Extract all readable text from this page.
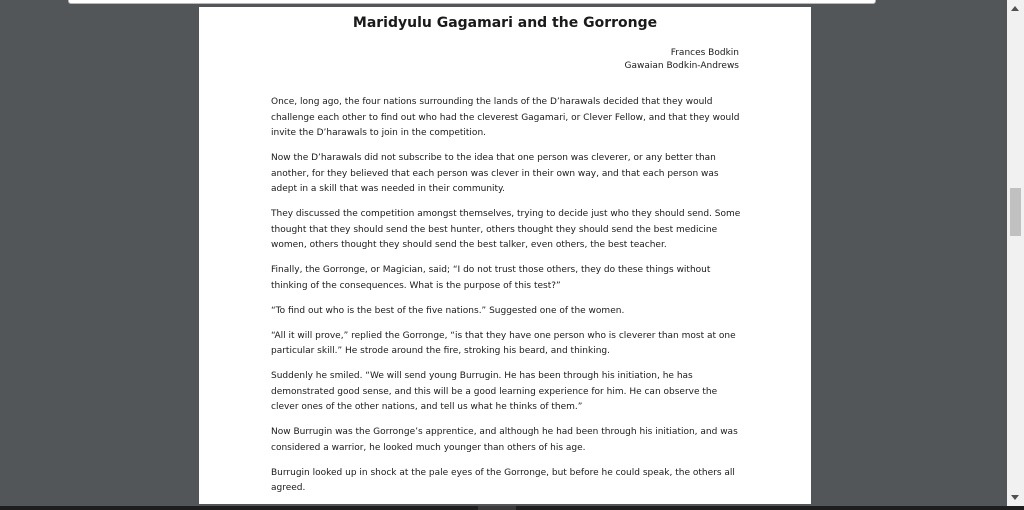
Maridyulu Gagamari and the Gorronge
Frances Bodkin
Gawaian Bodkin-Andrews

Once, long ago, the four nations surrounding the lands of the D’harawals decided that they would challenge each other to find out who had the cleverest Gagamari, or Clever Fellow, and that they would invite the D’harawals to join in the competition.

Now the D’harawals did not subscribe to the idea that one person was cleverer, or any better than another, for they believed that each person was clever in their own way, and that each person was adept in a skill that was needed in their community.

They discussed the competition amongst themselves, trying to decide just who they should send. Some thought that they should send the best hunter, others thought they should send the best medicine women, others thought they should send the best talker, even others, the best teacher.

Finally, the Gorronge, or Magician, said; “I do not trust those others, they do these things without thinking of the consequences. What is the purpose of this test?”

“To find out who is the best of the five nations.” Suggested one of the women.

“All it will prove,” replied the Gorronge, “is that they have one person who is cleverer than most at one particular skill.” He strode around the fire, stroking his beard, and thinking.

Suddenly he smiled. “We will send young Burrugin. He has been through his initiation, he has demonstrated good sense, and this will be a good learning experience for him. He can observe the clever ones of the other nations, and tell us what he thinks of them.”

Now Burrugin was the Gorronge’s apprentice, and although he had been through his initiation, and was considered a warrior, he looked much younger than others of his age.

Burrugin looked up in shock at the pale eyes of the Gorronge, but before he could speak, the others all agreed.
